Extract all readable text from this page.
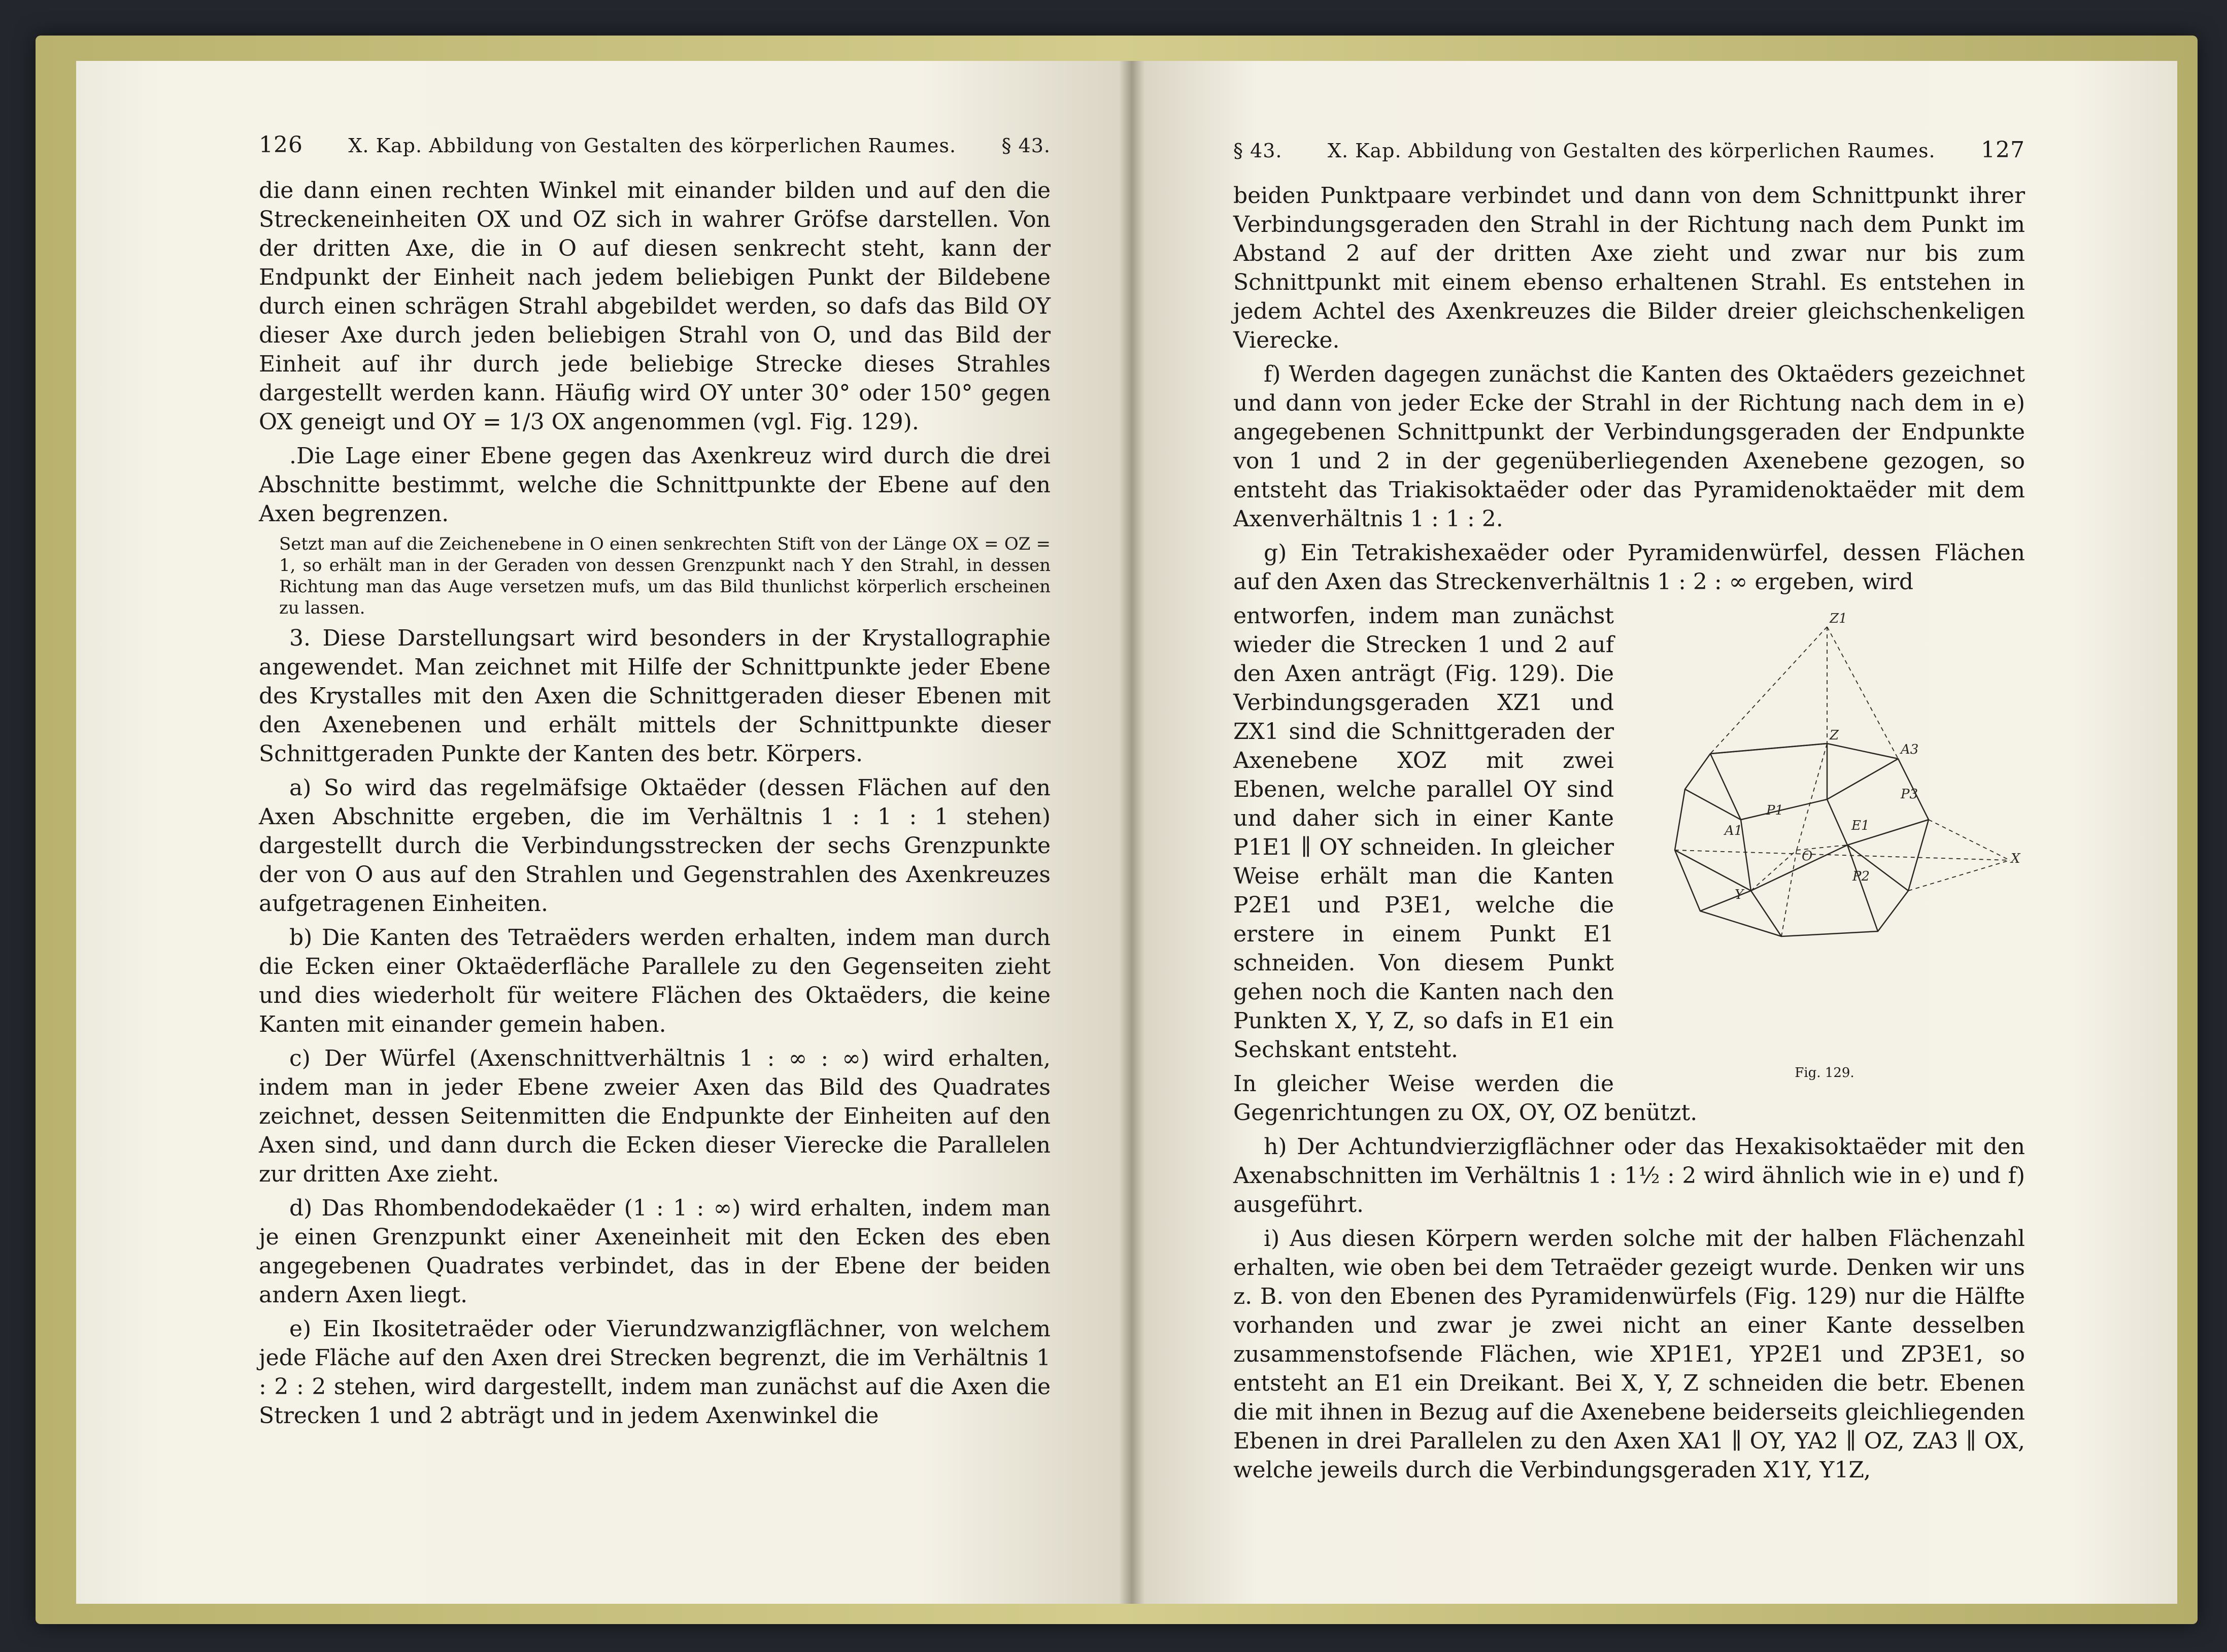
126 X. Kap. Abbildung von Gestalten des körperlichen Raumes. § 43.

die dann einen rechten Winkel mit einander bilden und auf den die Streckeneinheiten OX und OZ sich in wahrer Gröfse darstellen. Von der dritten Axe, die in O auf diesen senkrecht steht, kann der Endpunkt der Einheit nach jedem beliebigen Punkt der Bildebene durch einen schrägen Strahl abgebildet werden, so dafs das Bild OY dieser Axe durch jeden beliebigen Strahl von O, und das Bild der Einheit auf ihr durch jede beliebige Strecke dieses Strahles dargestellt werden kann. Häufig wird OY unter 30° oder 150° gegen OX geneigt und OY = 1/3 OX angenommen (vgl. Fig. 129).

.Die Lage einer Ebene gegen das Axenkreuz wird durch die drei Abschnitte bestimmt, welche die Schnittpunkte der Ebene auf den Axen begrenzen.

Setzt man auf die Zeichenebene in O einen senkrechten Stift von der Länge OX = OZ = 1, so erhält man in der Geraden von dessen Grenzpunkt nach Y den Strahl, in dessen Richtung man das Auge versetzen mufs, um das Bild thunlichst körperlich erscheinen zu lassen.

3. Diese Darstellungsart wird besonders in der Krystallographie angewendet. Man zeichnet mit Hilfe der Schnittpunkte jeder Ebene des Krystalles mit den Axen die Schnittgeraden dieser Ebenen mit den Axenebenen und erhält mittels der Schnittpunkte dieser Schnittgeraden Punkte der Kanten des betr. Körpers.

a) So wird das regelmäfsige Oktaëder (dessen Flächen auf den Axen Abschnitte ergeben, die im Verhältnis 1 : 1 : 1 stehen) dargestellt durch die Verbindungsstrecken der sechs Grenzpunkte der von O aus auf den Strahlen und Gegenstrahlen des Axenkreuzes aufgetragenen Einheiten.

b) Die Kanten des Tetraëders werden erhalten, indem man durch die Ecken einer Oktaëderfläche Parallele zu den Gegenseiten zieht und dies wiederholt für weitere Flächen des Oktaëders, die keine Kanten mit einander gemein haben.

c) Der Würfel (Axenschnittverhältnis 1 : ∞ : ∞) wird erhalten, indem man in jeder Ebene zweier Axen das Bild des Quadrates zeichnet, dessen Seitenmitten die Endpunkte der Einheiten auf den Axen sind, und dann durch die Ecken dieser Vierecke die Parallelen zur dritten Axe zieht.

d) Das Rhombendodekaëder (1 : 1 : ∞) wird erhalten, indem man je einen Grenzpunkt einer Axeneinheit mit den Ecken des eben angegebenen Quadrates verbindet, das in der Ebene der beiden andern Axen liegt.

e) Ein Ikositetraëder oder Vierundzwanzigflächner, von welchem jede Fläche auf den Axen drei Strecken begrenzt, die im Verhältnis 1 : 2 : 2 stehen, wird dargestellt, indem man zunächst auf die Axen die Strecken 1 und 2 abträgt und in jedem Axenwinkel die

§ 43. X. Kap. Abbildung von Gestalten des körperlichen Raumes. 127

beiden Punktpaare verbindet und dann von dem Schnittpunkt ihrer Verbindungsgeraden den Strahl in der Richtung nach dem Punkt im Abstand 2 auf der dritten Axe zieht und zwar nur bis zum Schnittpunkt mit einem ebenso erhaltenen Strahl. Es entstehen in jedem Achtel des Axenkreuzes die Bilder dreier gleichschenkeligen Vierecke.

f) Werden dagegen zunächst die Kanten des Oktaëders gezeichnet und dann von jeder Ecke der Strahl in der Richtung nach dem in e) angegebenen Schnittpunkt der Verbindungsgeraden der Endpunkte von 1 und 2 in der gegenüberliegenden Axenebene gezogen, so entsteht das Triakisoktaëder oder das Pyramidenoktaëder mit dem Axenverhältnis 1 : 1 : 2.

g) Ein Tetrakishexaëder oder Pyramidenwürfel, dessen Flächen auf den Axen das Streckenverhältnis 1 : 2 : ∞ ergeben, wird

Z1
Z
A3
P3
E1
P1
A1
O
P2
Y
X
Fig. 129.

entworfen, indem man zunächst wieder die Strecken 1 und 2 auf den Axen anträgt (Fig. 129). Die Verbindungsgeraden XZ1 und ZX1 sind die Schnittgeraden der Axenebene XOZ mit zwei Ebenen, welche parallel OY sind und daher sich in einer Kante P1E1 ∥ OY schneiden. In gleicher Weise erhält man die Kanten P2E1 und P3E1, welche die erstere in einem Punkt E1 schneiden. Von diesem Punkt gehen noch die Kanten nach den Punkten X, Y, Z, so dafs in E1 ein Sechskant entsteht.

In gleicher Weise werden die Gegenrichtungen zu OX, OY, OZ benützt.

h) Der Achtundvierzigflächner oder das Hexakisoktaëder mit den Axenabschnitten im Verhältnis 1 : 1½ : 2 wird ähnlich wie in e) und f) ausgeführt.

i) Aus diesen Körpern werden solche mit der halben Flächenzahl erhalten, wie oben bei dem Tetraëder gezeigt wurde. Denken wir uns z. B. von den Ebenen des Pyramidenwürfels (Fig. 129) nur die Hälfte vorhanden und zwar je zwei nicht an einer Kante desselben zusammenstofsende Flächen, wie XP1E1, YP2E1 und ZP3E1, so entsteht an E1 ein Dreikant. Bei X, Y, Z schneiden die betr. Ebenen die mit ihnen in Bezug auf die Axenebene beiderseits gleichliegenden Ebenen in drei Parallelen zu den Axen XA1 ∥ OY, YA2 ∥ OZ, ZA3 ∥ OX, welche jeweils durch die Verbindungsgeraden X1Y, Y1Z,
